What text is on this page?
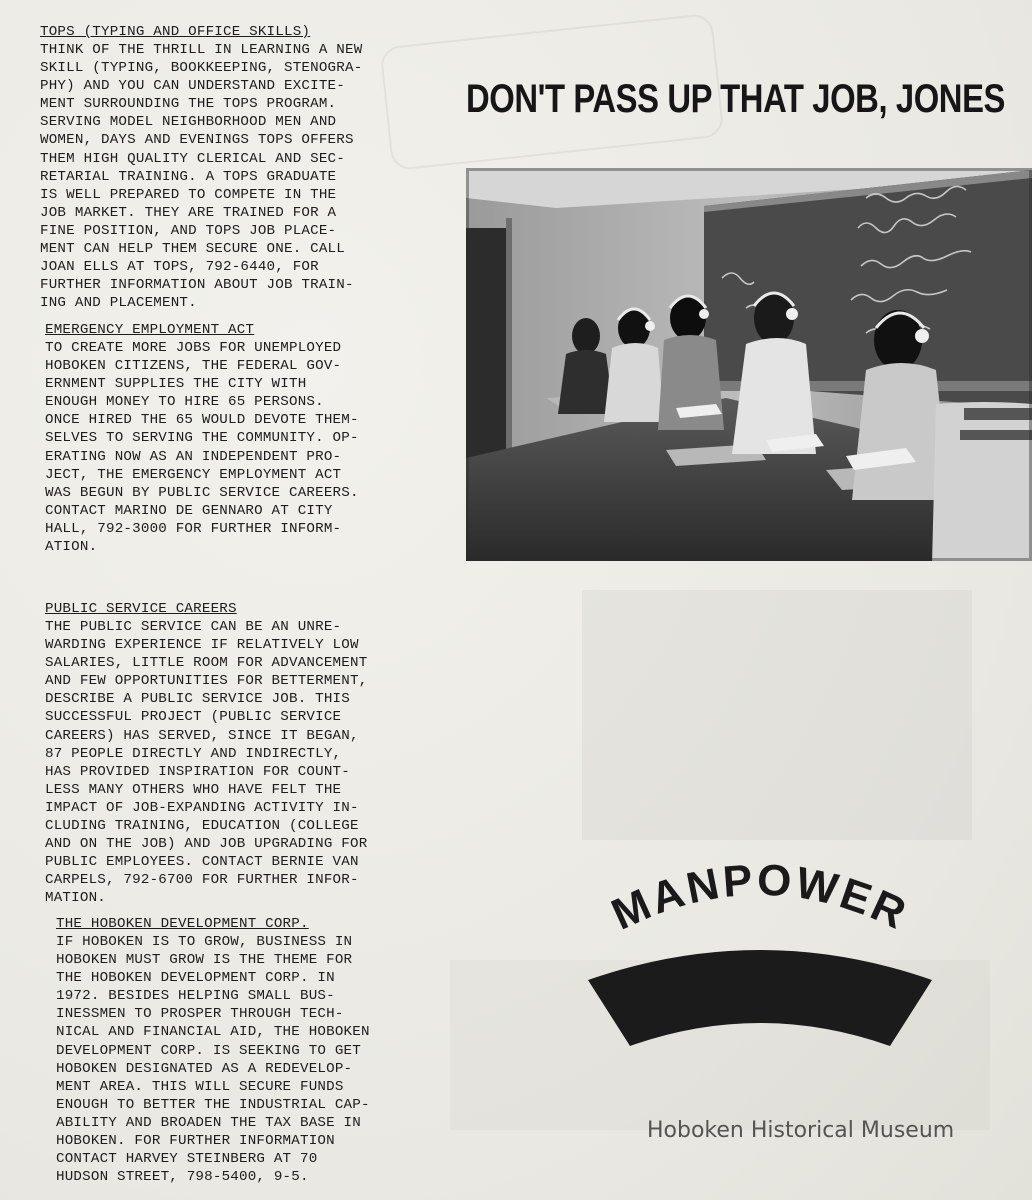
TOPS (TYPING AND OFFICE SKILLS)

THINK OF THE THRILL IN LEARNING A NEW
SKILL (TYPING, BOOKKEEPING, STENOGRA-
PHY) AND YOU CAN UNDERSTAND EXCITE-
MENT SURROUNDING THE TOPS PROGRAM.
SERVING MODEL NEIGHBORHOOD MEN AND
WOMEN, DAYS AND EVENINGS TOPS OFFERS
THEM HIGH QUALITY CLERICAL AND SEC-
RETARIAL TRAINING. A TOPS GRADUATE
IS WELL PREPARED TO COMPETE IN THE
JOB MARKET. THEY ARE TRAINED FOR A
FINE POSITION, AND TOPS JOB PLACE-
MENT CAN HELP THEM SECURE ONE. CALL
JOAN ELLS AT TOPS, 792-6440, FOR
FURTHER INFORMATION ABOUT JOB TRAIN-
ING AND PLACEMENT.

EMERGENCY EMPLOYMENT ACT

TO CREATE MORE JOBS FOR UNEMPLOYED
HOBOKEN CITIZENS, THE FEDERAL GOV-
ERNMENT SUPPLIES THE CITY WITH
ENOUGH MONEY TO HIRE 65 PERSONS.
ONCE HIRED THE 65 WOULD DEVOTE THEM-
SELVES TO SERVING THE COMMUNITY. OP-
ERATING NOW AS AN INDEPENDENT PRO-
JECT, THE EMERGENCY EMPLOYMENT ACT
WAS BEGUN BY PUBLIC SERVICE CAREERS.
CONTACT MARINO DE GENNARO AT CITY
HALL, 792-3000 FOR FURTHER INFORM-
ATION.

PUBLIC SERVICE CAREERS

THE PUBLIC SERVICE CAN BE AN UNRE-
WARDING EXPERIENCE IF RELATIVELY LOW
SALARIES, LITTLE ROOM FOR ADVANCEMENT
AND FEW OPPORTUNITIES FOR BETTERMENT,
DESCRIBE A PUBLIC SERVICE JOB. THIS
SUCCESSFUL PROJECT (PUBLIC SERVICE
CAREERS) HAS SERVED, SINCE IT BEGAN,
87 PEOPLE DIRECTLY AND INDIRECTLY,
HAS PROVIDED INSPIRATION FOR COUNT-
LESS MANY OTHERS WHO HAVE FELT THE
IMPACT OF JOB-EXPANDING ACTIVITY IN-
CLUDING TRAINING, EDUCATION (COLLEGE
AND ON THE JOB) AND JOB UPGRADING FOR
PUBLIC EMPLOYEES. CONTACT BERNIE VAN
CARPELS, 792-6700 FOR FURTHER INFOR-
MATION.

THE HOBOKEN DEVELOPMENT CORP.

IF HOBOKEN IS TO GROW, BUSINESS IN
HOBOKEN MUST GROW IS THE THEME FOR
THE HOBOKEN DEVELOPMENT CORP. IN
1972. BESIDES HELPING SMALL BUS-
INESSMEN TO PROSPER THROUGH TECH-
NICAL AND FINANCIAL AID, THE HOBOKEN
DEVELOPMENT CORP. IS SEEKING TO GET
HOBOKEN DESIGNATED AS A REDEVELOP-
MENT AREA. THIS WILL SECURE FUNDS
ENOUGH TO BETTER THE INDUSTRIAL CAP-
ABILITY AND BROADEN THE TAX BASE IN
HOBOKEN. FOR FURTHER INFORMATION
CONTACT HARVEY STEINBERG AT 70
HUDSON STREET, 798-5400, 9-5.

DON'T PASS UP THAT JOB, JONES
MANPOWER
Hoboken Historical Museum
